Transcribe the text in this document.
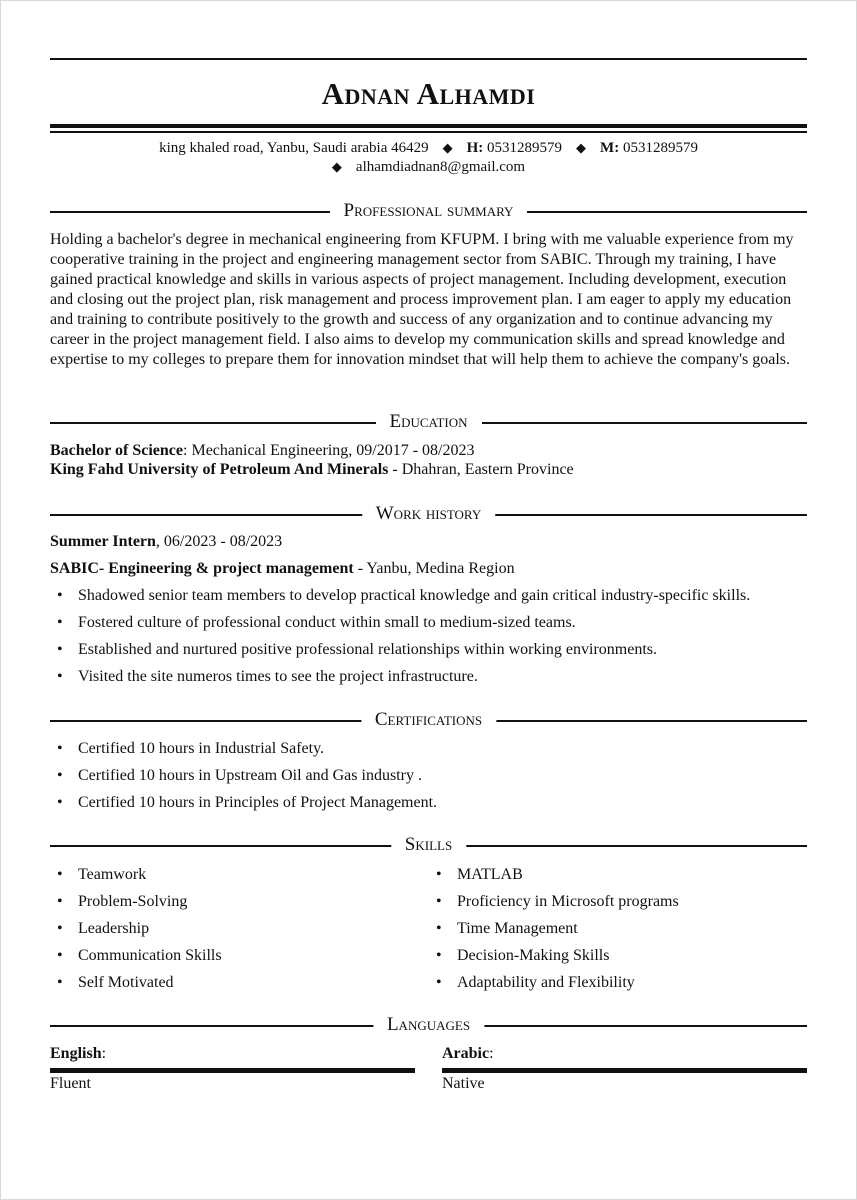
Adnan Alhamdi
king khaled road, Yanbu, Saudi arabia 46429 ◆ H: 0531289579 ◆ M: 0531289579
◆ alhamdiadnan8@gmail.com
Professional summary

Holding a bachelor's degree in mechanical engineering from KFUPM. I bring with me valuable experience from my cooperative training in the project and engineering management sector from SABIC. Through my training, I have gained practical knowledge and skills in various aspects of project management. Including development, execution and closing out the project plan, risk management and process improvement plan. I am eager to apply my education and training to contribute positively to the growth and success of any organization and to continue advancing my career in the project management field. I also aims to develop my communication skills and spread knowledge and expertise to my colleges to prepare them for innovation mindset that will help them to achieve the company's goals.

Education
Bachelor of Science: Mechanical Engineering, 09/2017 - 08/2023
King Fahd University of Petroleum And Minerals - Dhahran, Eastern Province
Work history
Summer Intern, 06/2023 - 08/2023
SABIC- Engineering & project management - Yanbu, Medina Region
• Shadowed senior team members to develop practical knowledge and gain critical industry-specific skills.
• Fostered culture of professional conduct within small to medium-sized teams.
• Established and nurtured positive professional relationships within working environments.
• Visited the site numeros times to see the project infrastructure.
Certifications
• Certified 10 hours in Industrial Safety.
• Certified 10 hours in Upstream Oil and Gas industry .
• Certified 10 hours in Principles of Project Management.
Skills
• Teamwork
• Problem-Solving
• Leadership
• Communication Skills
• Self Motivated
• MATLAB
• Proficiency in Microsoft programs
• Time Management
• Decision-Making Skills
• Adaptability and Flexibility
Languages
English:
Fluent
Arabic:
Native
